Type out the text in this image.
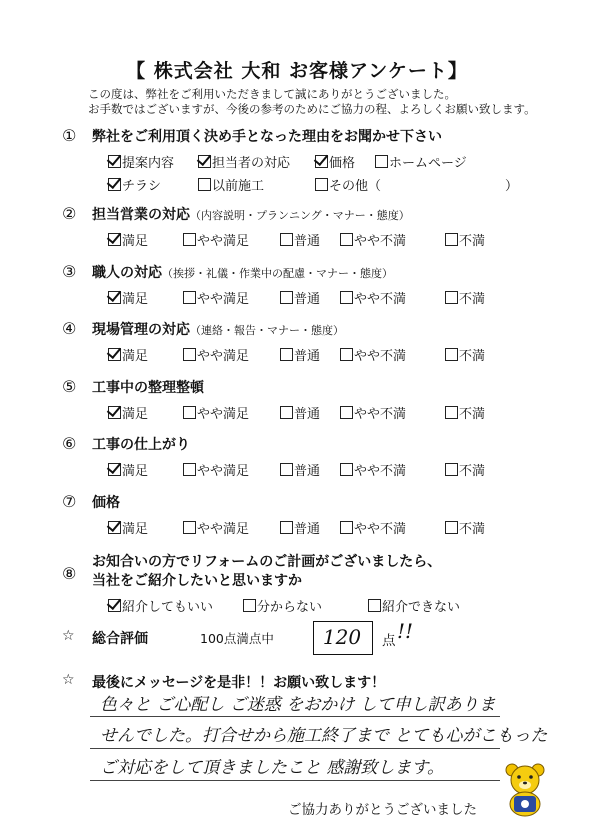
【 株式会社 大和 お客様アンケート】
この度は、弊社をご利用いただきまして誠にありがとうございました。
お手数ではございますが、今後の参考のためにご協力の程、よろしくお願い致します。
① 弊社をご利用頂く決め手となった理由をお聞かせ下さい
提案内容	担当者の対応	価格	ホームページ
チラシ	以前施工	その他（	）
② 担当営業の対応（内容説明・プランニング・マナー・態度）
満足	やや満足	普通	やや不満	不満
③ 職人の対応（挨拶・礼儀・作業中の配慮・マナー・態度）
満足	やや満足	普通	やや不満	不満
④ 現場管理の対応（連絡・報告・マナー・態度）
満足	やや満足	普通	やや不満	不満
⑤ 工事中の整理整頓
満足	やや満足	普通	やや不満	不満
⑥ 工事の仕上がり
満足	やや満足	普通	やや不満	不満
⑦ 価格
満足	やや満足	普通	やや不満	不満
⑧
お知合いの方でリフォームのご計画がございましたら、
当社をご紹介したいと思いますか
紹介してもいい	分からない	紹介できない
☆ 総合評価	100点満点中	120	点 !!
☆ 最後にメッセージを是非！！お願い致します！
色々と ご心配し ご迷惑 をおかけ して申し訳ありま
せんでした。打合せから施工終了まで とても心がこもった
ご対応をして頂きましたこと 感謝致します。
ご協力ありがとうございました
